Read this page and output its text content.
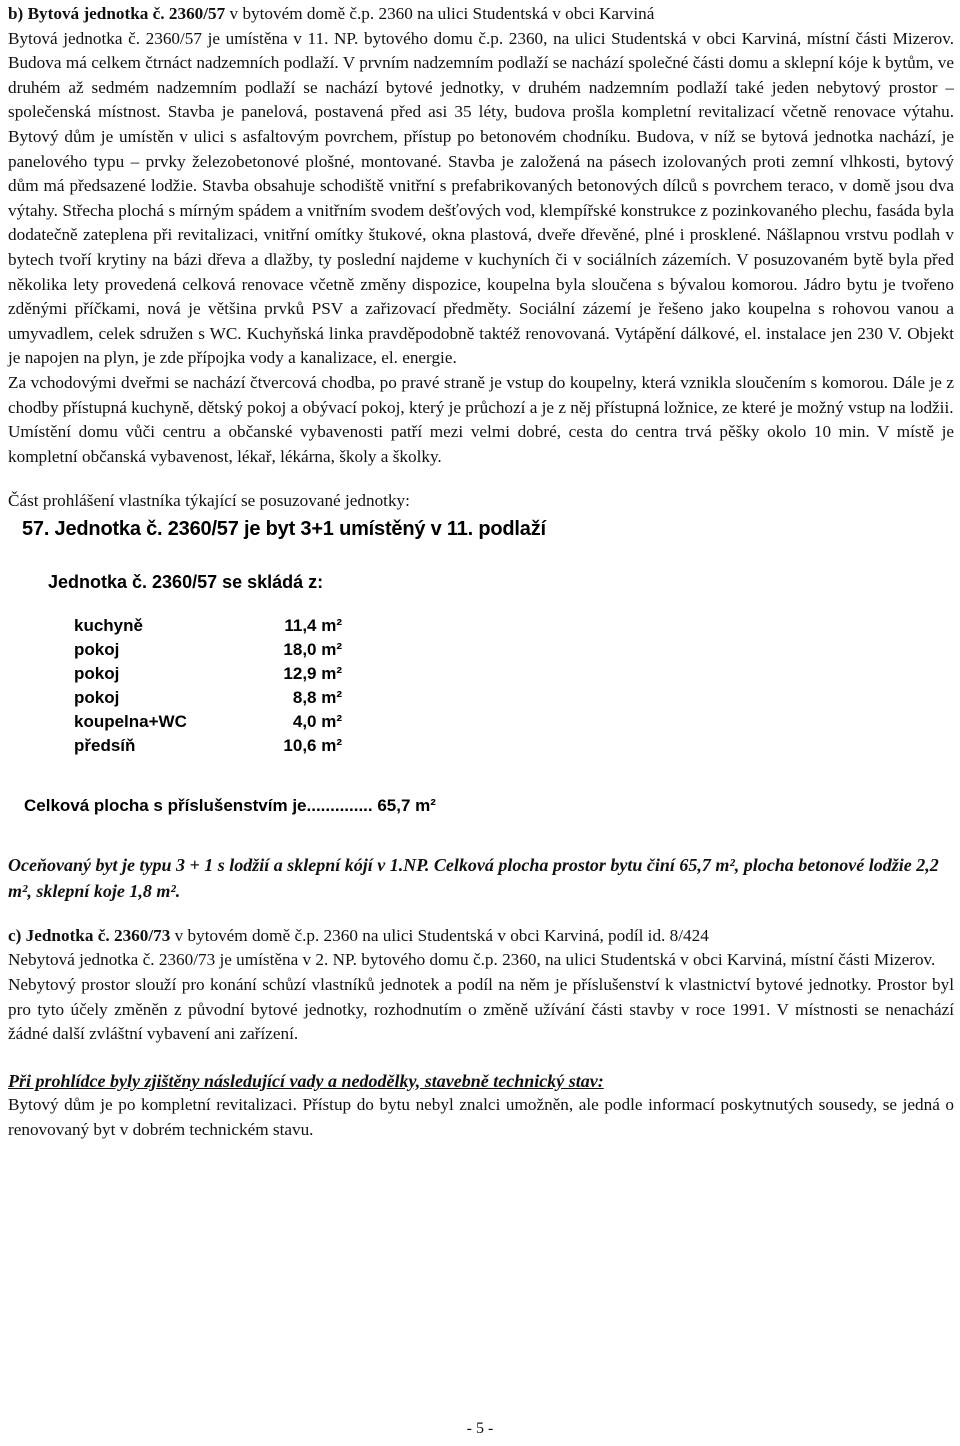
b) Bytová jednotka č. 2360/57 v bytovém domě č.p. 2360 na ulici Studentská v obci Karviná

Bytová jednotka č. 2360/57 je umístěna v 11. NP. bytového domu č.p. 2360, na ulici Studentská v obci Karviná, místní části Mizerov. Budova má celkem čtrnáct nadzemních podlaží. V prvním nadzemním podlaží se nachází společné části domu a sklepní kóje k bytům, ve druhém až sedmém nadzemním podlaží se nachází bytové jednotky, v druhém nadzemním podlaží také jeden nebytový prostor – společenská místnost. Stavba je panelová, postavená před asi 35 léty, budova prošla kompletní revitalizací včetně renovace výtahu. Bytový dům je umístěn v ulici s asfaltovým povrchem, přístup po betonovém chodníku. Budova, v níž se bytová jednotka nachází, je panelového typu – prvky železobetonové plošné, montované. Stavba je založená na pásech izolovaných proti zemní vlhkosti, bytový dům má předsazené lodžie. Stavba obsahuje schodiště vnitřní s prefabrikovaných betonových dílců s povrchem teraco, v domě jsou dva výtahy. Střecha plochá s mírným spádem a vnitřním svodem dešťových vod, klempířské konstrukce z pozinkovaného plechu, fasáda byla dodatečně zateplena při revitalizaci, vnitřní omítky štukové, okna plastová, dveře dřevěné, plné i prosklené. Nášlapnou vrstvu podlah v bytech tvoří krytiny na bázi dřeva a dlažby, ty poslední najdeme v kuchyních či v sociálních zázemích. V posuzovaném bytě byla před několika lety provedená celková renovace včetně změny dispozice, koupelna byla sloučena s bývalou komorou. Jádro bytu je tvořeno zděnými příčkami, nová je většina prvků PSV a zařizovací předměty. Sociální zázemí je řešeno jako koupelna s rohovou vanou a umyvadlem, celek sdružen s WC. Kuchyňská linka pravděpodobně taktéž renovovaná. Vytápění dálkové, el. instalace jen 230 V. Objekt je napojen na plyn, je zde přípojka vody a kanalizace, el. energie.

Za vchodovými dveřmi se nachází čtvercová chodba, po pravé straně je vstup do koupelny, která vznikla sloučením s komorou. Dále je z chodby přístupná kuchyně, dětský pokoj a obývací pokoj, který je průchozí a je z něj přístupná ložnice, ze které je možný vstup na lodžii.

Umístění domu vůči centru a občanské vybavenosti patří mezi velmi dobré, cesta do centra trvá pěšky okolo 10 min. V místě je kompletní občanská vybavenost, lékař, lékárna, školy a školky.

Část prohlášení vlastníka týkající se posuzované jednotky:

57. Jednotka č. 2360/57 je byt 3+1 umístěný v 11. podlaží
Jednotka č. 2360/57 se skládá z:
kuchyně	11,4 m²
pokoj	18,0 m²
pokoj	12,9 m²
pokoj	8,8 m²
koupelna+WC	4,0 m²
předsíň	10,6 m²
Celková plocha s příslušenstvím je.............. 65,7 m²

Oceňovaný byt je typu 3 + 1 s lodžií a sklepní kójí v 1.NP. Celková plocha prostor bytu činí 65,7 m², plocha betonové lodžie 2,2 m², sklepní koje 1,8 m².

c) Jednotka č. 2360/73 v bytovém domě č.p. 2360 na ulici Studentská v obci Karviná, podíl id. 8/424

Nebytová jednotka č. 2360/73 je umístěna v 2. NP. bytového domu č.p. 2360, na ulici Studentská v obci Karviná, místní části Mizerov.

Nebytový prostor slouží pro konání schůzí vlastníků jednotek a podíl na něm je příslušenství k vlastnictví bytové jednotky. Prostor byl pro tyto účely změněn z původní bytové jednotky, rozhodnutím o změně užívání části stavby v roce 1991. V místnosti se nenachází žádné další zvláštní vybavení ani zařízení.

Při prohlídce byly zjištěny následující vady a nedodělky, stavebně technický stav:

Bytový dům je po kompletní revitalizaci. Přístup do bytu nebyl znalci umožněn, ale podle informací poskytnutých sousedy, se jedná o renovovaný byt v dobrém technickém stavu.

- 5 -
